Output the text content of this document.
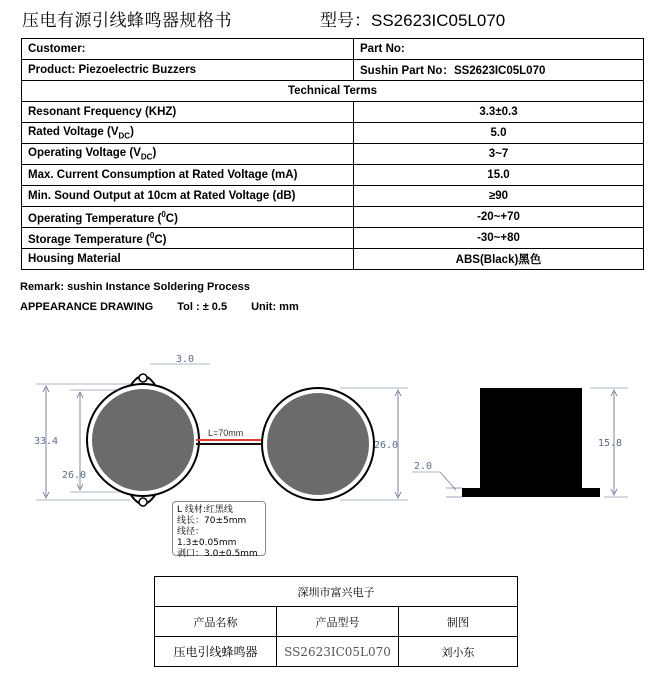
压电有源引线蜂鸣器规格书	型号：SS2623IC05L070
Customer:	Part No:
Product: Piezoelectric Buzzers	Sushin Part No：SS2623IC05L070
Technical Terms	
Resonant Frequency (KHZ)	3.3±0.3
Rated Voltage $(V_{DC})$	5.0
Operating Voltage $(V_{DC})$	3~7
Max. Current Consumption at Rated Voltage (mA)	15.0
Min. Sound Output at 10cm at Rated Voltage (dB)	≥90
Operating Temperature ($^0$C)	-20~+70
Storage Temperature ($^0$C)	-30~+80
Housing Material	ABS(Black)黑色
Remark: sushin Instance Soldering Process
APPEARANCE DRAWING Tol : ± 0.5 Unit: mm
33.4
26.0
3.0
L=70mm
26.0	15.8
2.0
L 线材:红黑线
线长：70±5mm
线径：1.3±0.05mm
剥口：3.0±0.5mm
深圳市富兴电子		
产品名称	产品型号	制图
压电引线蜂鸣器	SS2623IC05L070	刘小东
